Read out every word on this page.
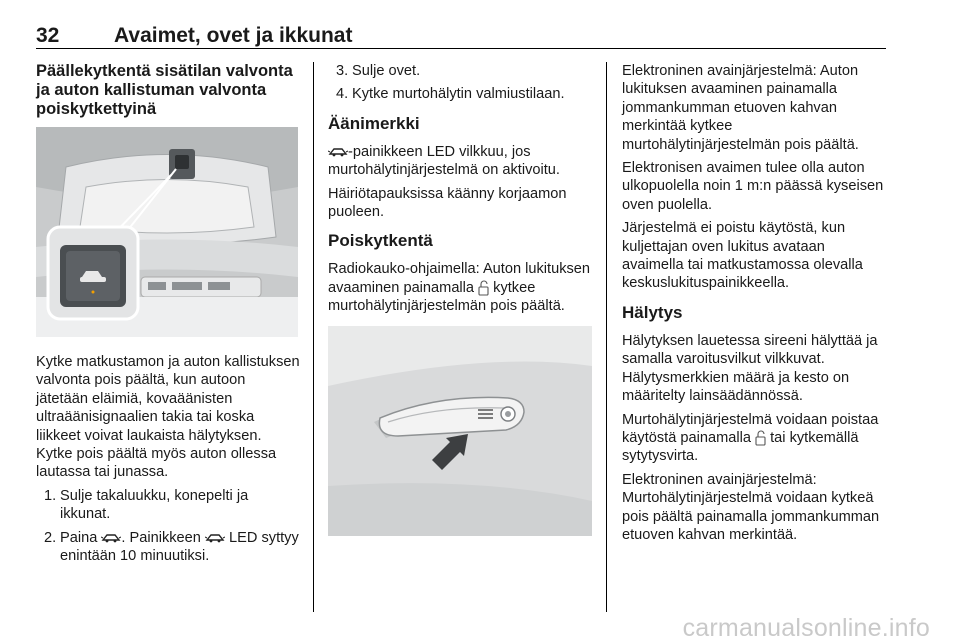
32	Avaimet, ovet ja ikkunat
Päällekytkentä sisätilan valvonta ja auton kallistuman valvonta poiskytkettyinä

Kytke matkustamon ja auton kallistuksen valvonta pois päältä, kun autoon jätetään eläimiä, kovaäänisten ultraäänisignaalien takia tai koska liikkeet voivat laukaista hälytyksen. Kytke pois päältä myös auton ollessa lautassa tai junassa.

1. Sulje takaluukku, konepelti ja ikkunat.
2. Paina . Painikkeen LED syttyy enintään 10 minuutiksi.
3. Sulje ovet.
4. Kytke murtohälytin valmiustilaan.
Äänimerkki

-painikkeen LED vilkkuu, jos murtohälytinjärjestelmä on aktivoitu.

Häiriötapauksissa käänny korjaamon puoleen.

Poiskytkentä

Radiokauko-ohjaimella: Auton lukituksen avaaminen painamalla kytkee murtohälytinjärjestelmän pois päältä.

Elektroninen avainjärjestelmä: Auton lukituksen avaaminen painamalla jommankumman etuoven kahvan merkintää kytkee murtohälytinjärjestelmän pois päältä.

Elektronisen avaimen tulee olla auton ulkopuolella noin 1 m:n päässä kyseisen oven puolella.

Järjestelmä ei poistu käytöstä, kun kuljettajan oven lukitus avataan avaimella tai matkustamossa olevalla keskuslukituspainikkeella.

Hälytys

Hälytyksen lauetessa sireeni hälyttää ja samalla varoitusvilkut vilkkuvat. Hälytysmerkkien määrä ja kesto on määritelty lainsäädännössä.

Murtohälytinjärjestelmä voidaan poistaa käytöstä painamalla tai kytkemällä sytytysvirta.

Elektroninen avainjärjestelmä: Murtohälytinjärjestelmä voidaan kytkeä pois päältä painamalla jommankumman etuoven kahvan merkintää.

carmanualsonline.info
